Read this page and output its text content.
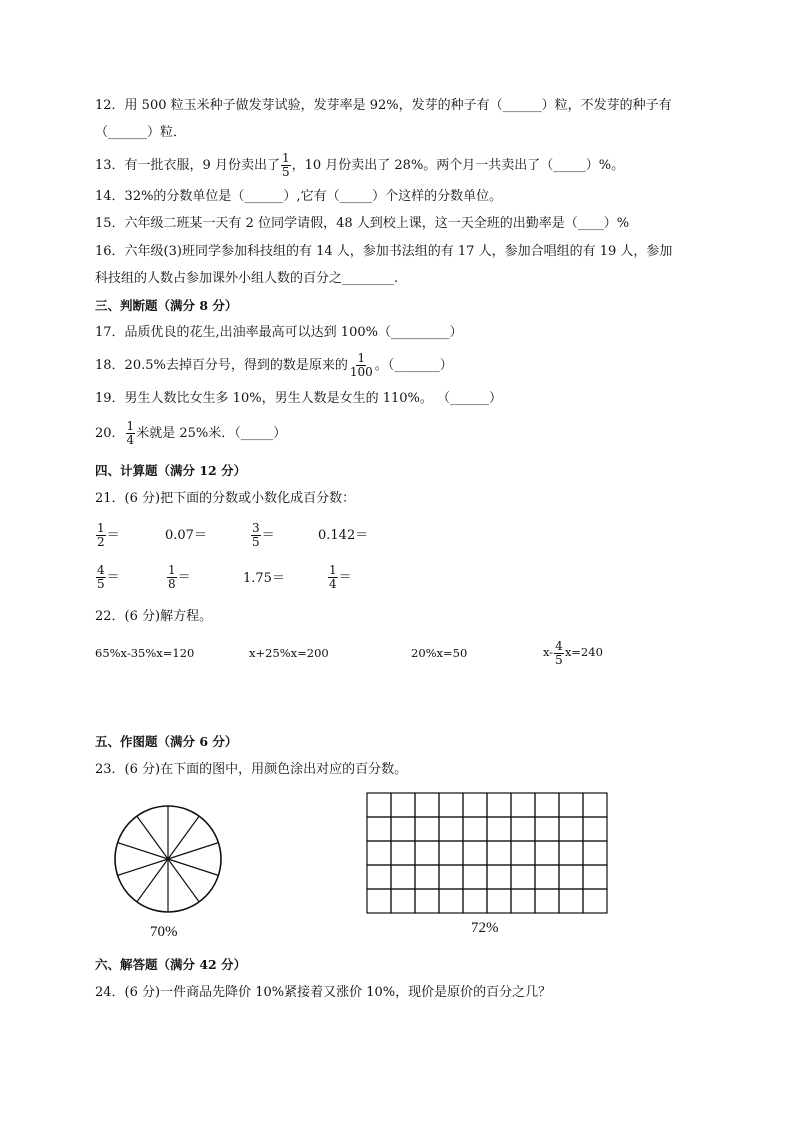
12．用 500 粒玉米种子做发芽试验，发芽率是 92%，发芽的种子有（______）粒，不发芽的种子有
（______）粒．
13．有一批衣服，9 月份卖出了 $\frac{1}{5}$ ，10 月份卖出了 28%。两个月一共卖出了（_____）%。
14．32%的分数单位是（______）,它有（_____）个这样的分数单位。
15．六年级二班某一天有 2 位同学请假，48 人到校上课，这一天全班的出勤率是（____）%
16．六年级(3)班同学参加科技组的有 14 人，参加书法组的有 17 人，参加合唱组的有 19 人，参加
科技组的人数占参加课外小组人数的百分之________.
三、判断题（满分 8 分）
17．品质优良的花生,出油率最高可以达到 100%（_________）
18．20.5%去掉百分号，得到的数是原来的 $\frac{1}{100}$ 。（_______）
19．男生人数比女生多 10%，男生人数是女生的 110%。 （______）
20． $\frac{1}{4}$ 米就是 25%米．（_____）
四、计算题（满分 12 分）
21．(6 分)把下面的分数或小数化成百分数：
$\frac{1}{2}$ ＝	0.07＝	$\frac{3}{5}$ ＝	0.142＝
$\frac{4}{5}$ ＝	$\frac{1}{8}$ ＝	1.75＝	$\frac{1}{4}$ ＝
22．(6 分)解方程。
65%x-35%x=120	x+25%x=200	20%x=50	$x- \frac{4}{5} x=240$
五、作图题（满分 6 分）
23．(6 分)在下面的图中，用颜色涂出对应的百分数。
70%	72%
六、解答题（满分 42 分）
24．(6 分)一件商品先降价 10%紧接着又涨价 10%，现价是原价的百分之几？
